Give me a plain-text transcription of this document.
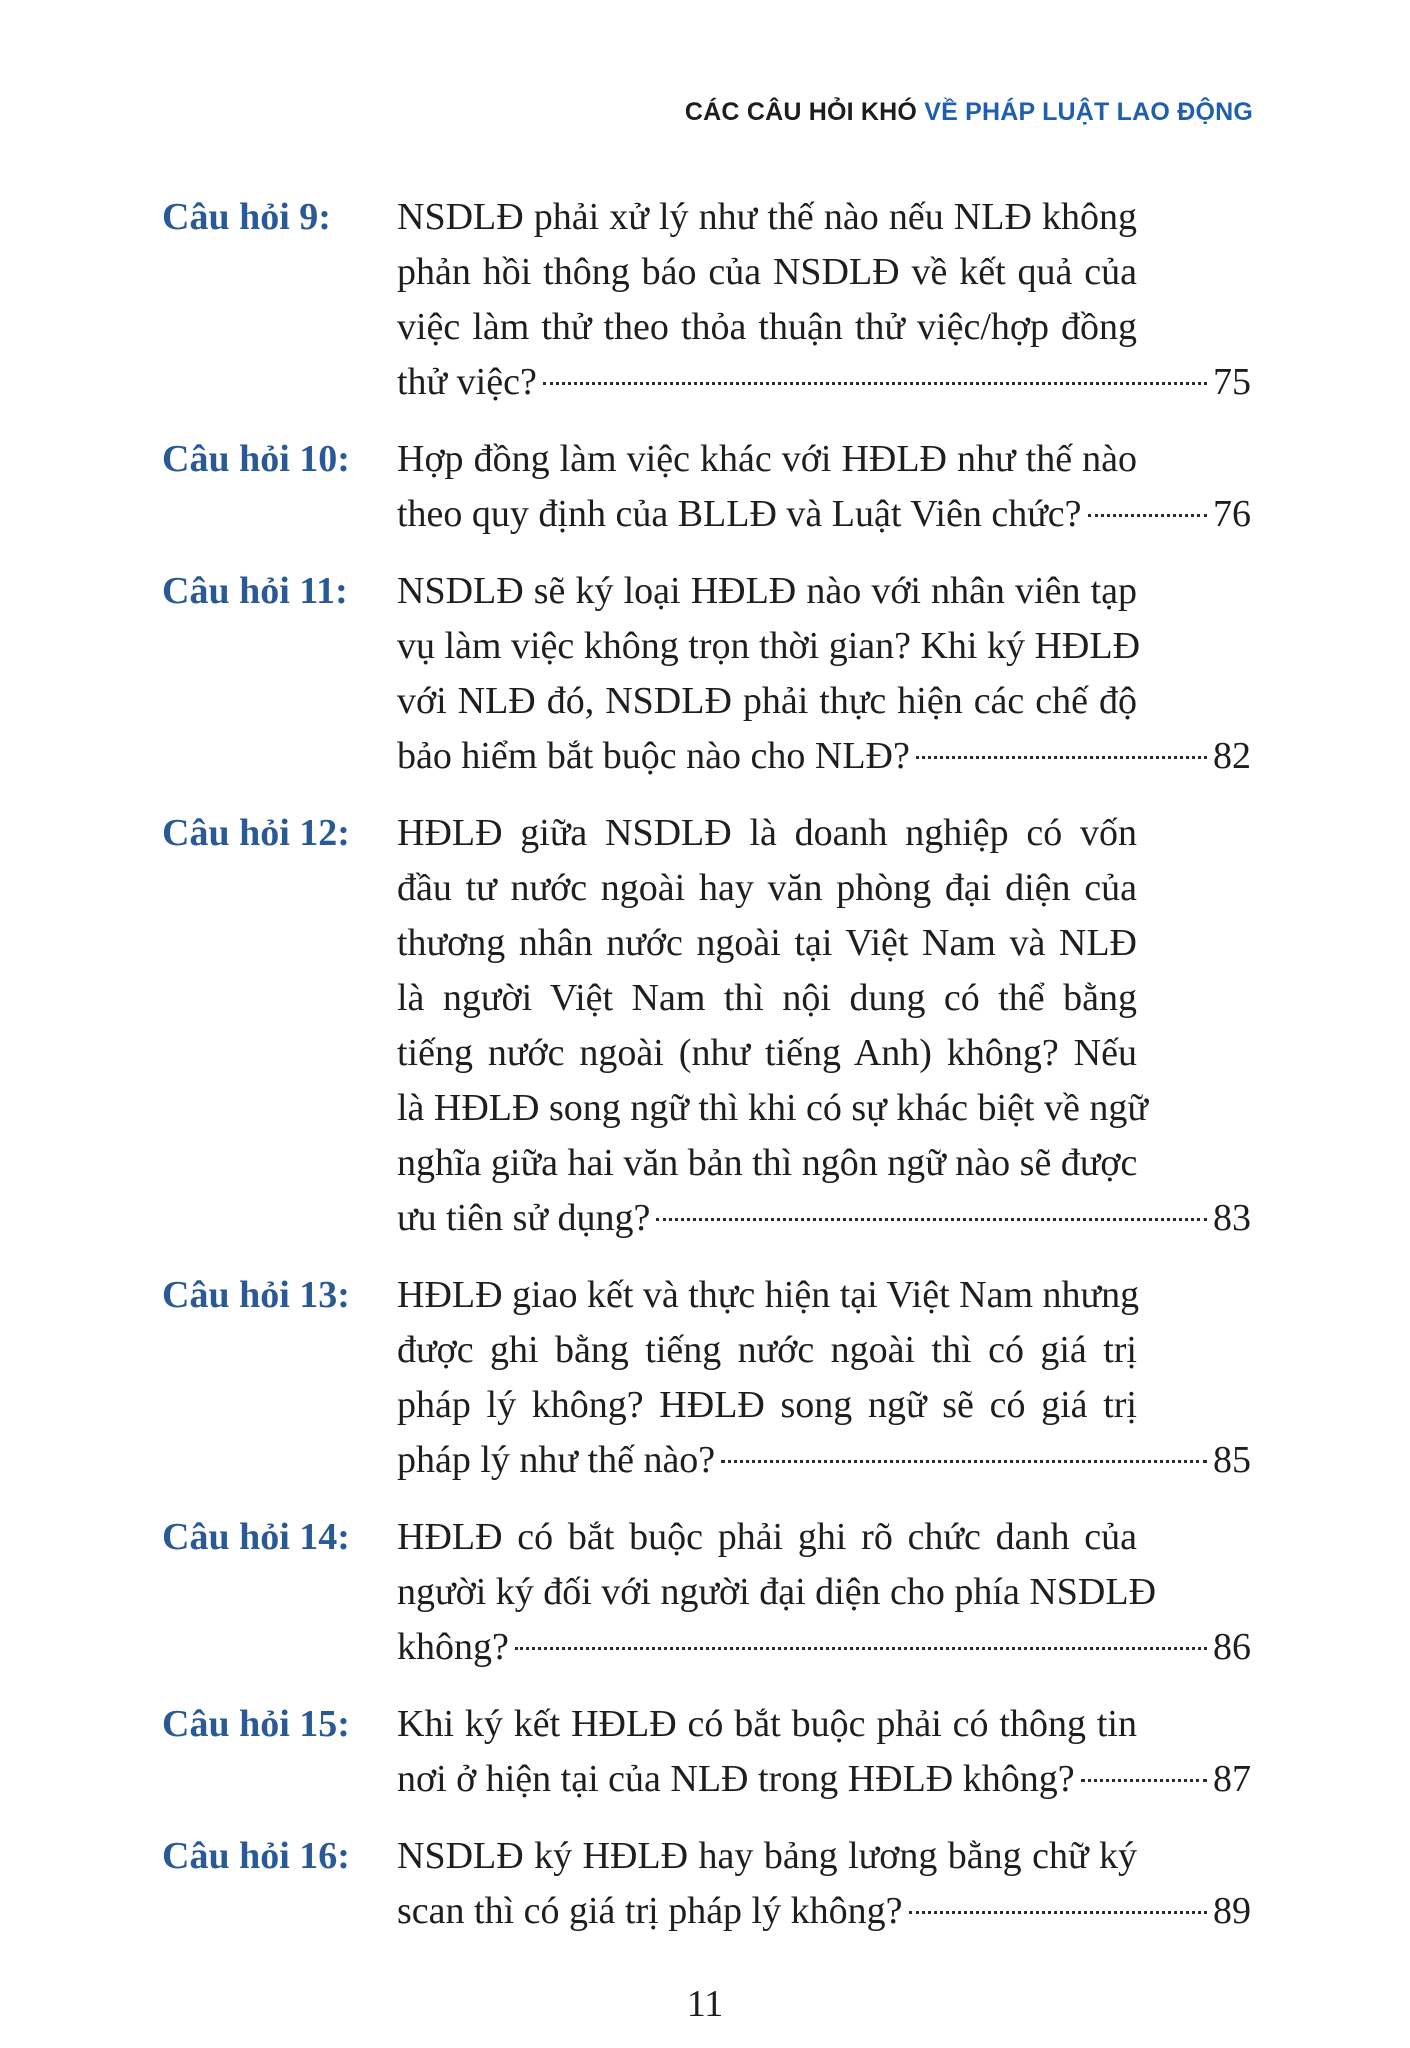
CÁC CÂU HỎI KHÓ VỀ PHÁP LUẬT LAO ĐỘNG
Câu hỏi 9:	NSDLĐ phải xử lý như thế nào nếu NLĐ không
phản hồi thông báo của NSDLĐ về kết quả của
việc làm thử theo thỏa thuận thử việc/hợp đồng
thử việc?	75
Câu hỏi 10:	Hợp đồng làm việc khác với HĐLĐ như thế nào
theo quy định của BLLĐ và Luật Viên chức?	76
Câu hỏi 11:	NSDLĐ sẽ ký loại HĐLĐ nào với nhân viên tạp
vụ làm việc không trọn thời gian? Khi ký HĐLĐ
với NLĐ đó, NSDLĐ phải thực hiện các chế độ
bảo hiểm bắt buộc nào cho NLĐ?	82
Câu hỏi 12:	HĐLĐ giữa NSDLĐ là doanh nghiệp có vốn
đầu tư nước ngoài hay văn phòng đại diện của
thương nhân nước ngoài tại Việt Nam và NLĐ
là người Việt Nam thì nội dung có thể bằng
tiếng nước ngoài (như tiếng Anh) không? Nếu
là HĐLĐ song ngữ thì khi có sự khác biệt về ngữ
nghĩa giữa hai văn bản thì ngôn ngữ nào sẽ được
ưu tiên sử dụng?	83
Câu hỏi 13:	HĐLĐ giao kết và thực hiện tại Việt Nam nhưng
được ghi bằng tiếng nước ngoài thì có giá trị
pháp lý không? HĐLĐ song ngữ sẽ có giá trị
pháp lý như thế nào?	85
Câu hỏi 14:	HĐLĐ có bắt buộc phải ghi rõ chức danh của
người ký đối với người đại diện cho phía NSDLĐ
không?	86
Câu hỏi 15:	Khi ký kết HĐLĐ có bắt buộc phải có thông tin
nơi ở hiện tại của NLĐ trong HĐLĐ không?	87
Câu hỏi 16:	NSDLĐ ký HĐLĐ hay bảng lương bằng chữ ký
scan thì có giá trị pháp lý không?	89
11
